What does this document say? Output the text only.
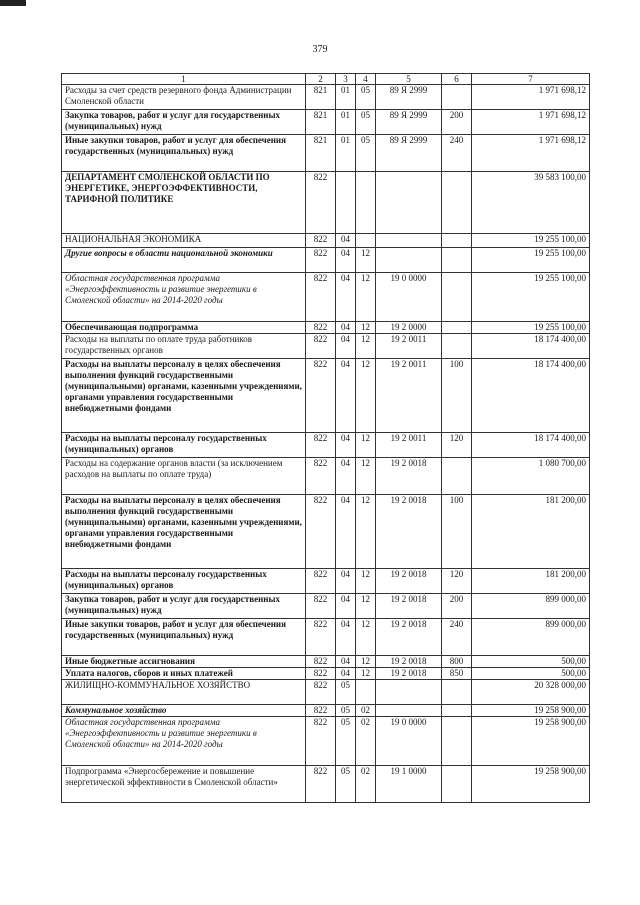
379
1	2	3	4	5	6	7
Расходы за счет средств резервного фонда Администрации Смоленской области	821	01	05	89 Я 2999		1 971 698,12
Закупка товаров, работ и услуг для государственных (муниципальных) нужд	821	01	05	89 Я 2999	200	1 971 698,12
Иные закупки товаров, работ и услуг для обеспечения государственных (муниципальных) нужд	821	01	05	89 Я 2999	240	1 971 698,12
ДЕПАРТАМЕНТ СМОЛЕНСКОЙ ОБЛАСТИ ПО ЭНЕРГЕТИКЕ, ЭНЕРГОЭФФЕКТИВНОСТИ, ТАРИФНОЙ ПОЛИТИКЕ	822					39 583 100,00
НАЦИОНАЛЬНАЯ ЭКОНОМИКА	822	04				19 255 100,00
Другие вопросы в области национальной экономики	822	04	12			19 255 100,00
Областная государственная программа «Энергоэффективность и развитие энергетики в Смоленской области» на 2014-2020 годы	822	04	12	19 0 0000		19 255 100,00
Обеспечивающая подпрограмма	822	04	12	19 2 0000		19 255 100,00
Расходы на выплаты по оплате труда работников государственных органов	822	04	12	19 2 0011		18 174 400,00
Расходы на выплаты персоналу в целях обеспечения выполнения функций государственными (муниципальными) органами, казенными учреждениями, органами управления государственными внебюджетными фондами	822	04	12	19 2 0011	100	18 174 400,00
Расходы на выплаты персоналу государственных (муниципальных) органов	822	04	12	19 2 0011	120	18 174 400,00
Расходы на содержание органов власти (за исключением расходов на выплаты по оплате труда)	822	04	12	19 2 0018		1 080 700,00
Расходы на выплаты персоналу в целях обеспечения выполнения функций государственными (муниципальными) органами, казенными учреждениями, органами управления государственными внебюджетными фондами	822	04	12	19 2 0018	100	181 200,00
Расходы на выплаты персоналу государственных (муниципальных) органов	822	04	12	19 2 0018	120	181 200,00
Закупка товаров, работ и услуг для государственных (муниципальных) нужд	822	04	12	19 2 0018	200	899 000,00
Иные закупки товаров, работ и услуг для обеспечения государственных (муниципальных) нужд	822	04	12	19 2 0018	240	899 000,00
Иные бюджетные ассигнования	822	04	12	19 2 0018	800	500,00
Уплата налогов, сборов и иных платежей	822	04	12	19 2 0018	850	500,00
ЖИЛИЩНО-КОММУНАЛЬНОЕ ХОЗЯЙСТВО	822	05				20 328 000,00
Коммунальное хозяйство	822	05	02			19 258 900,00
Областная государственная программа «Энергоэффективность и развитие энергетики в Смоленской области» на 2014-2020 годы	822	05	02	19 0 0000		19 258 900,00
Подпрограмма «Энергосбережение и повышение энергетической эффективности в Смоленской области»	822	05	02	19 1 0000		19 258 900,00
